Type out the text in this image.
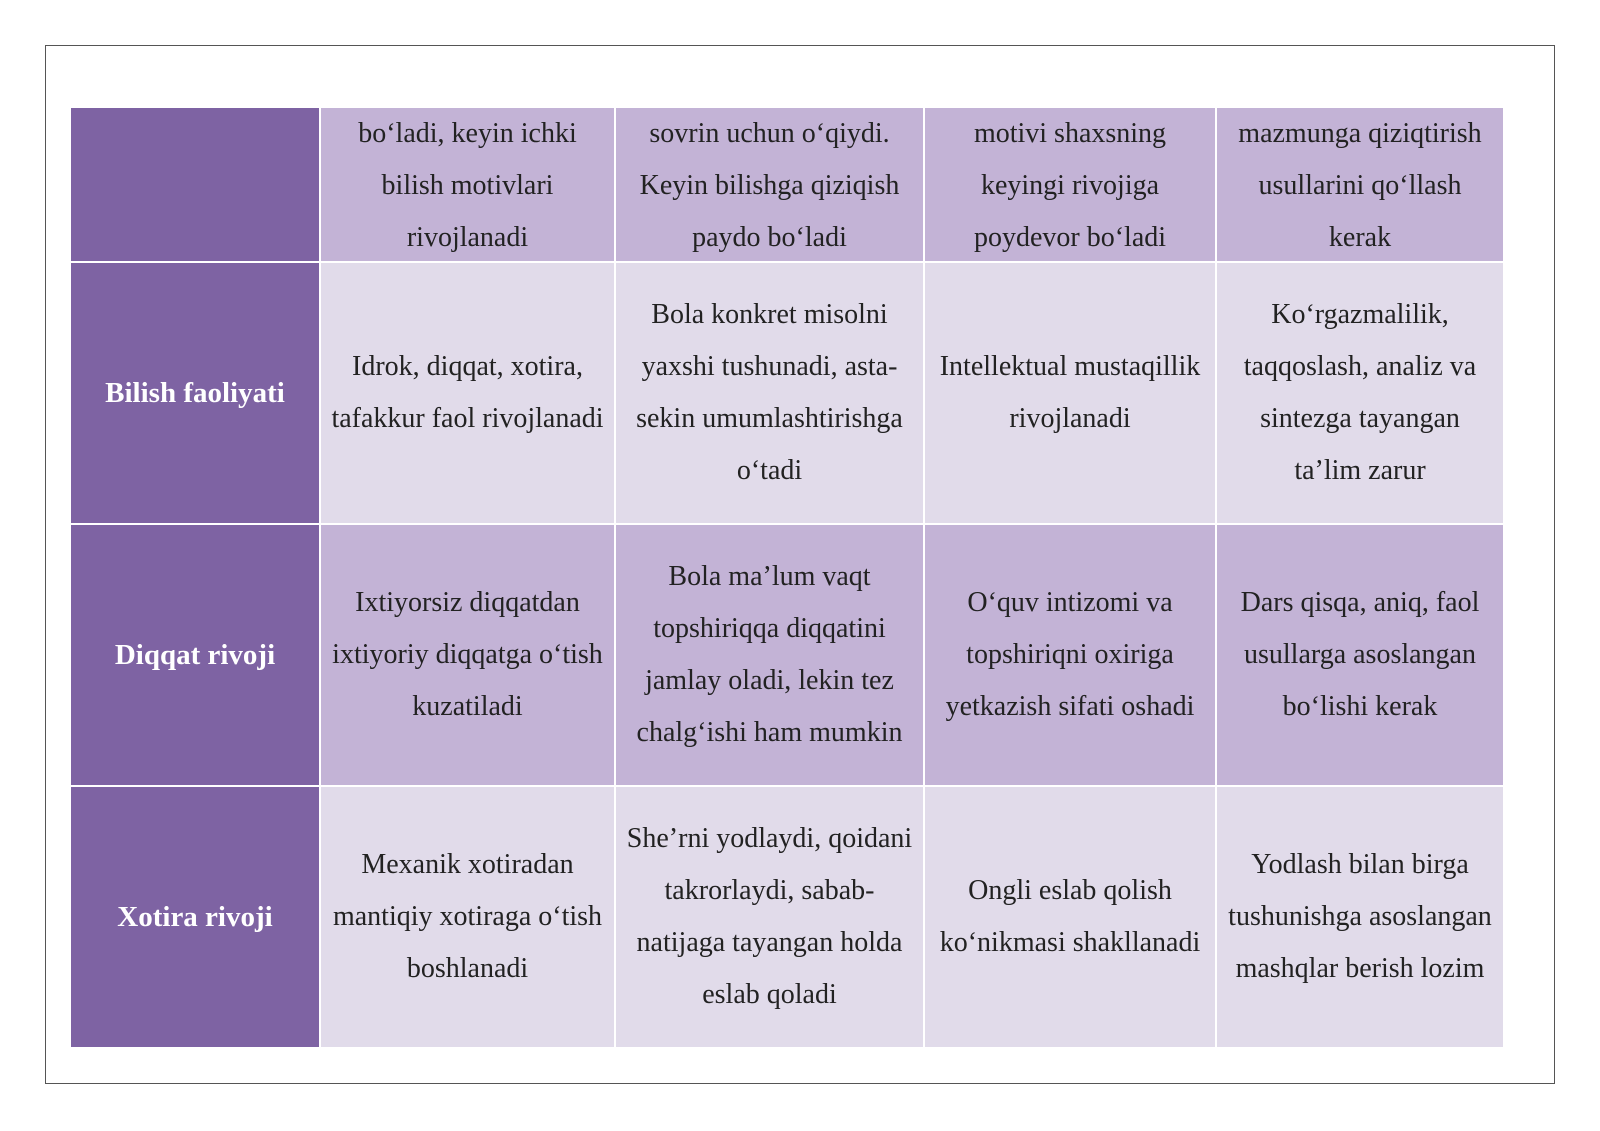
bo‘ladi, keyin ichki bilish motivlari rivojlanadi
sovrin uchun o‘qiydi. Keyin bilishga qiziqish paydo bo‘ladi
motivi shaxsning keyingi rivojiga poydevor bo‘ladi
mazmunga qiziqtirish usullarini qo‘llash kerak
Bilish faoliyati
Idrok, diqqat, xotira, tafakkur faol rivojlanadi
Bola konkret misolni yaxshi tushunadi, asta-sekin umumlashtirishga o‘tadi
Intellektual mustaqillik rivojlanadi
Ko‘rgazmalilik, taqqoslash, analiz va sintezga tayangan ta’lim zarur
Diqqat rivoji
Ixtiyorsiz diqqatdan ixtiyoriy diqqatga o‘tish kuzatiladi
Bola ma’lum vaqt topshiriqqa diqqatini jamlay oladi, lekin tez chalg‘ishi ham mumkin
O‘quv intizomi va topshiriqni oxiriga yetkazish sifati oshadi
Dars qisqa, aniq, faol usullarga asoslangan bo‘lishi kerak
Xotira rivoji
Mexanik xotiradan mantiqiy xotiraga o‘tish boshlanadi
She’rni yodlaydi, qoidani takrorlaydi, sabab-natijaga tayangan holda eslab qoladi
Ongli eslab qolish ko‘nikmasi shakllanadi
Yodlash bilan birga tushunishga asoslangan mashqlar berish lozim
